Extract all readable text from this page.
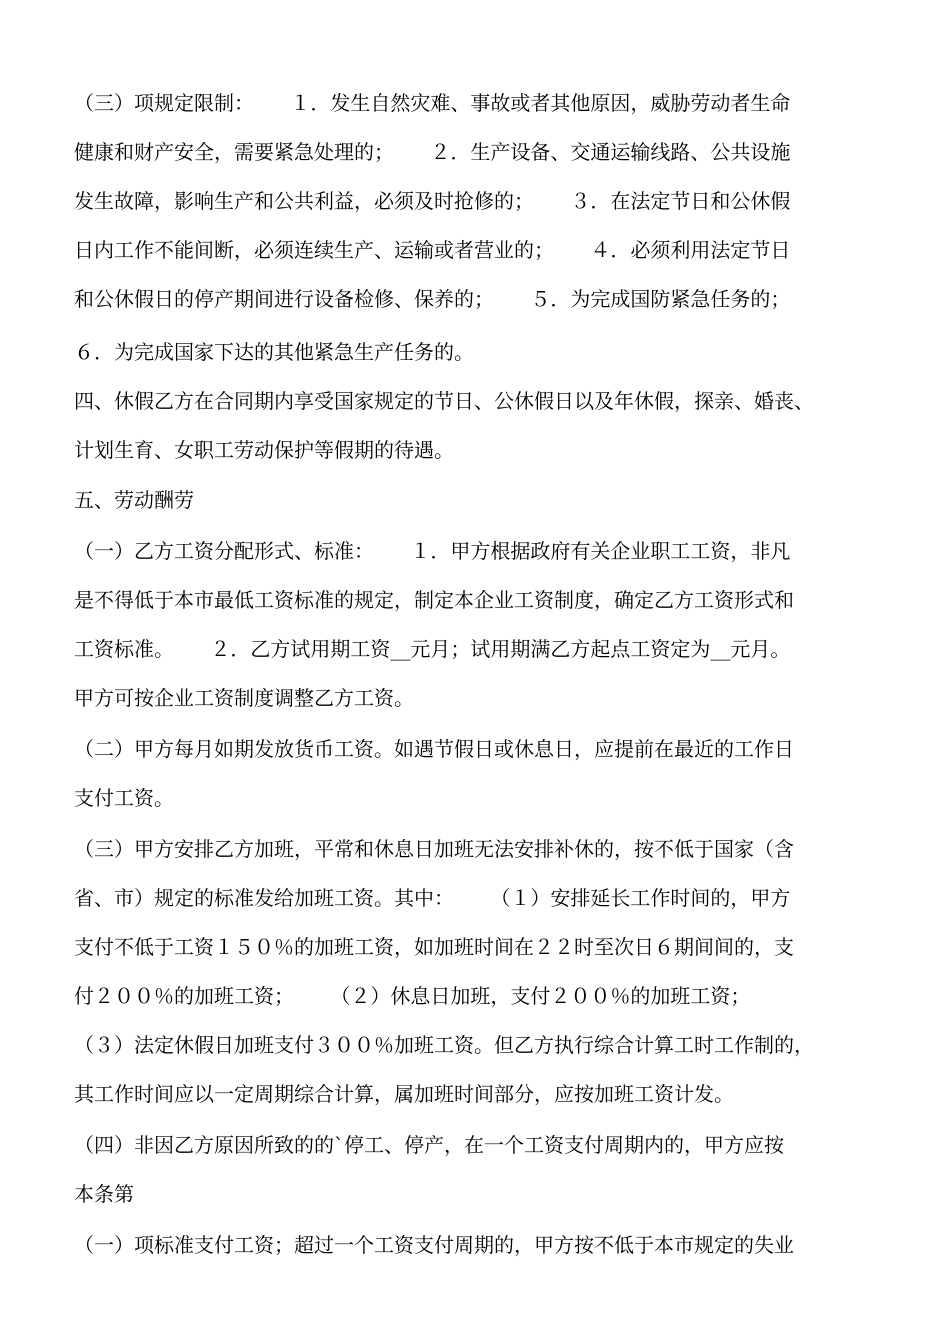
（三）项规定限制：　　 １．发生自然灾难、事故或者其他原因，威胁劳动者生命

健康和财产安全，需要紧急处理的；　　 ２．生产设备、交通运输线路、公共设施

发生故障，影响生产和公共利益，必须及时抢修的；　　 ３．在法定节日和公休假

日内工作不能间断，必须连续生产、运输或者营业的；　　 ４．必须利用法定节日

和公休假日的停产期间进行设备检修、保养的；　　 ５．为完成国防紧急任务的；

６．为完成国家下达的其他紧急生产任务的。

四、休假乙方在合同期内享受国家规定的节日、公休假日以及年休假，探亲、婚丧、

计划生育、女职工劳动保护等假期的待遇。

五、劳动酬劳

（一）乙方工资分配形式、标准：　　 １．甲方根据政府有关企业职工工资，非凡

是不得低于本市最低工资标准的规定，制定本企业工资制度，确定乙方工资形式和

工资标准。　　 ２．乙方试用期工资__元月；试用期满乙方起点工资定为__元月。

甲方可按企业工资制度调整乙方工资。

（二）甲方每月如期发放货币工资。如遇节假日或休息日，应提前在最近的工作日

支付工资。

（三）甲方安排乙方加班，平常和休息日加班无法安排补休的，按不低于国家（含

省、市）规定的标准发给加班工资。其中：　　 （１）安排延长工作时间的，甲方

支付不低于工资１５０％的加班工资，如加班时间在２２时至次日６期间间的，支

付２００％的加班工资；　　 （２）休息日加班，支付２００％的加班工资；

（３）法定休假日加班支付３００％加班工资。但乙方执行综合计算工时工作制的，

其工作时间应以一定周期综合计算，属加班时间部分，应按加班工资计发。

（四）非因乙方原因所致的的`停工、停产，在一个工资支付周期内的，甲方应按

本条第

（一）项标准支付工资；超过一个工资支付周期的，甲方按不低于本市规定的失业
